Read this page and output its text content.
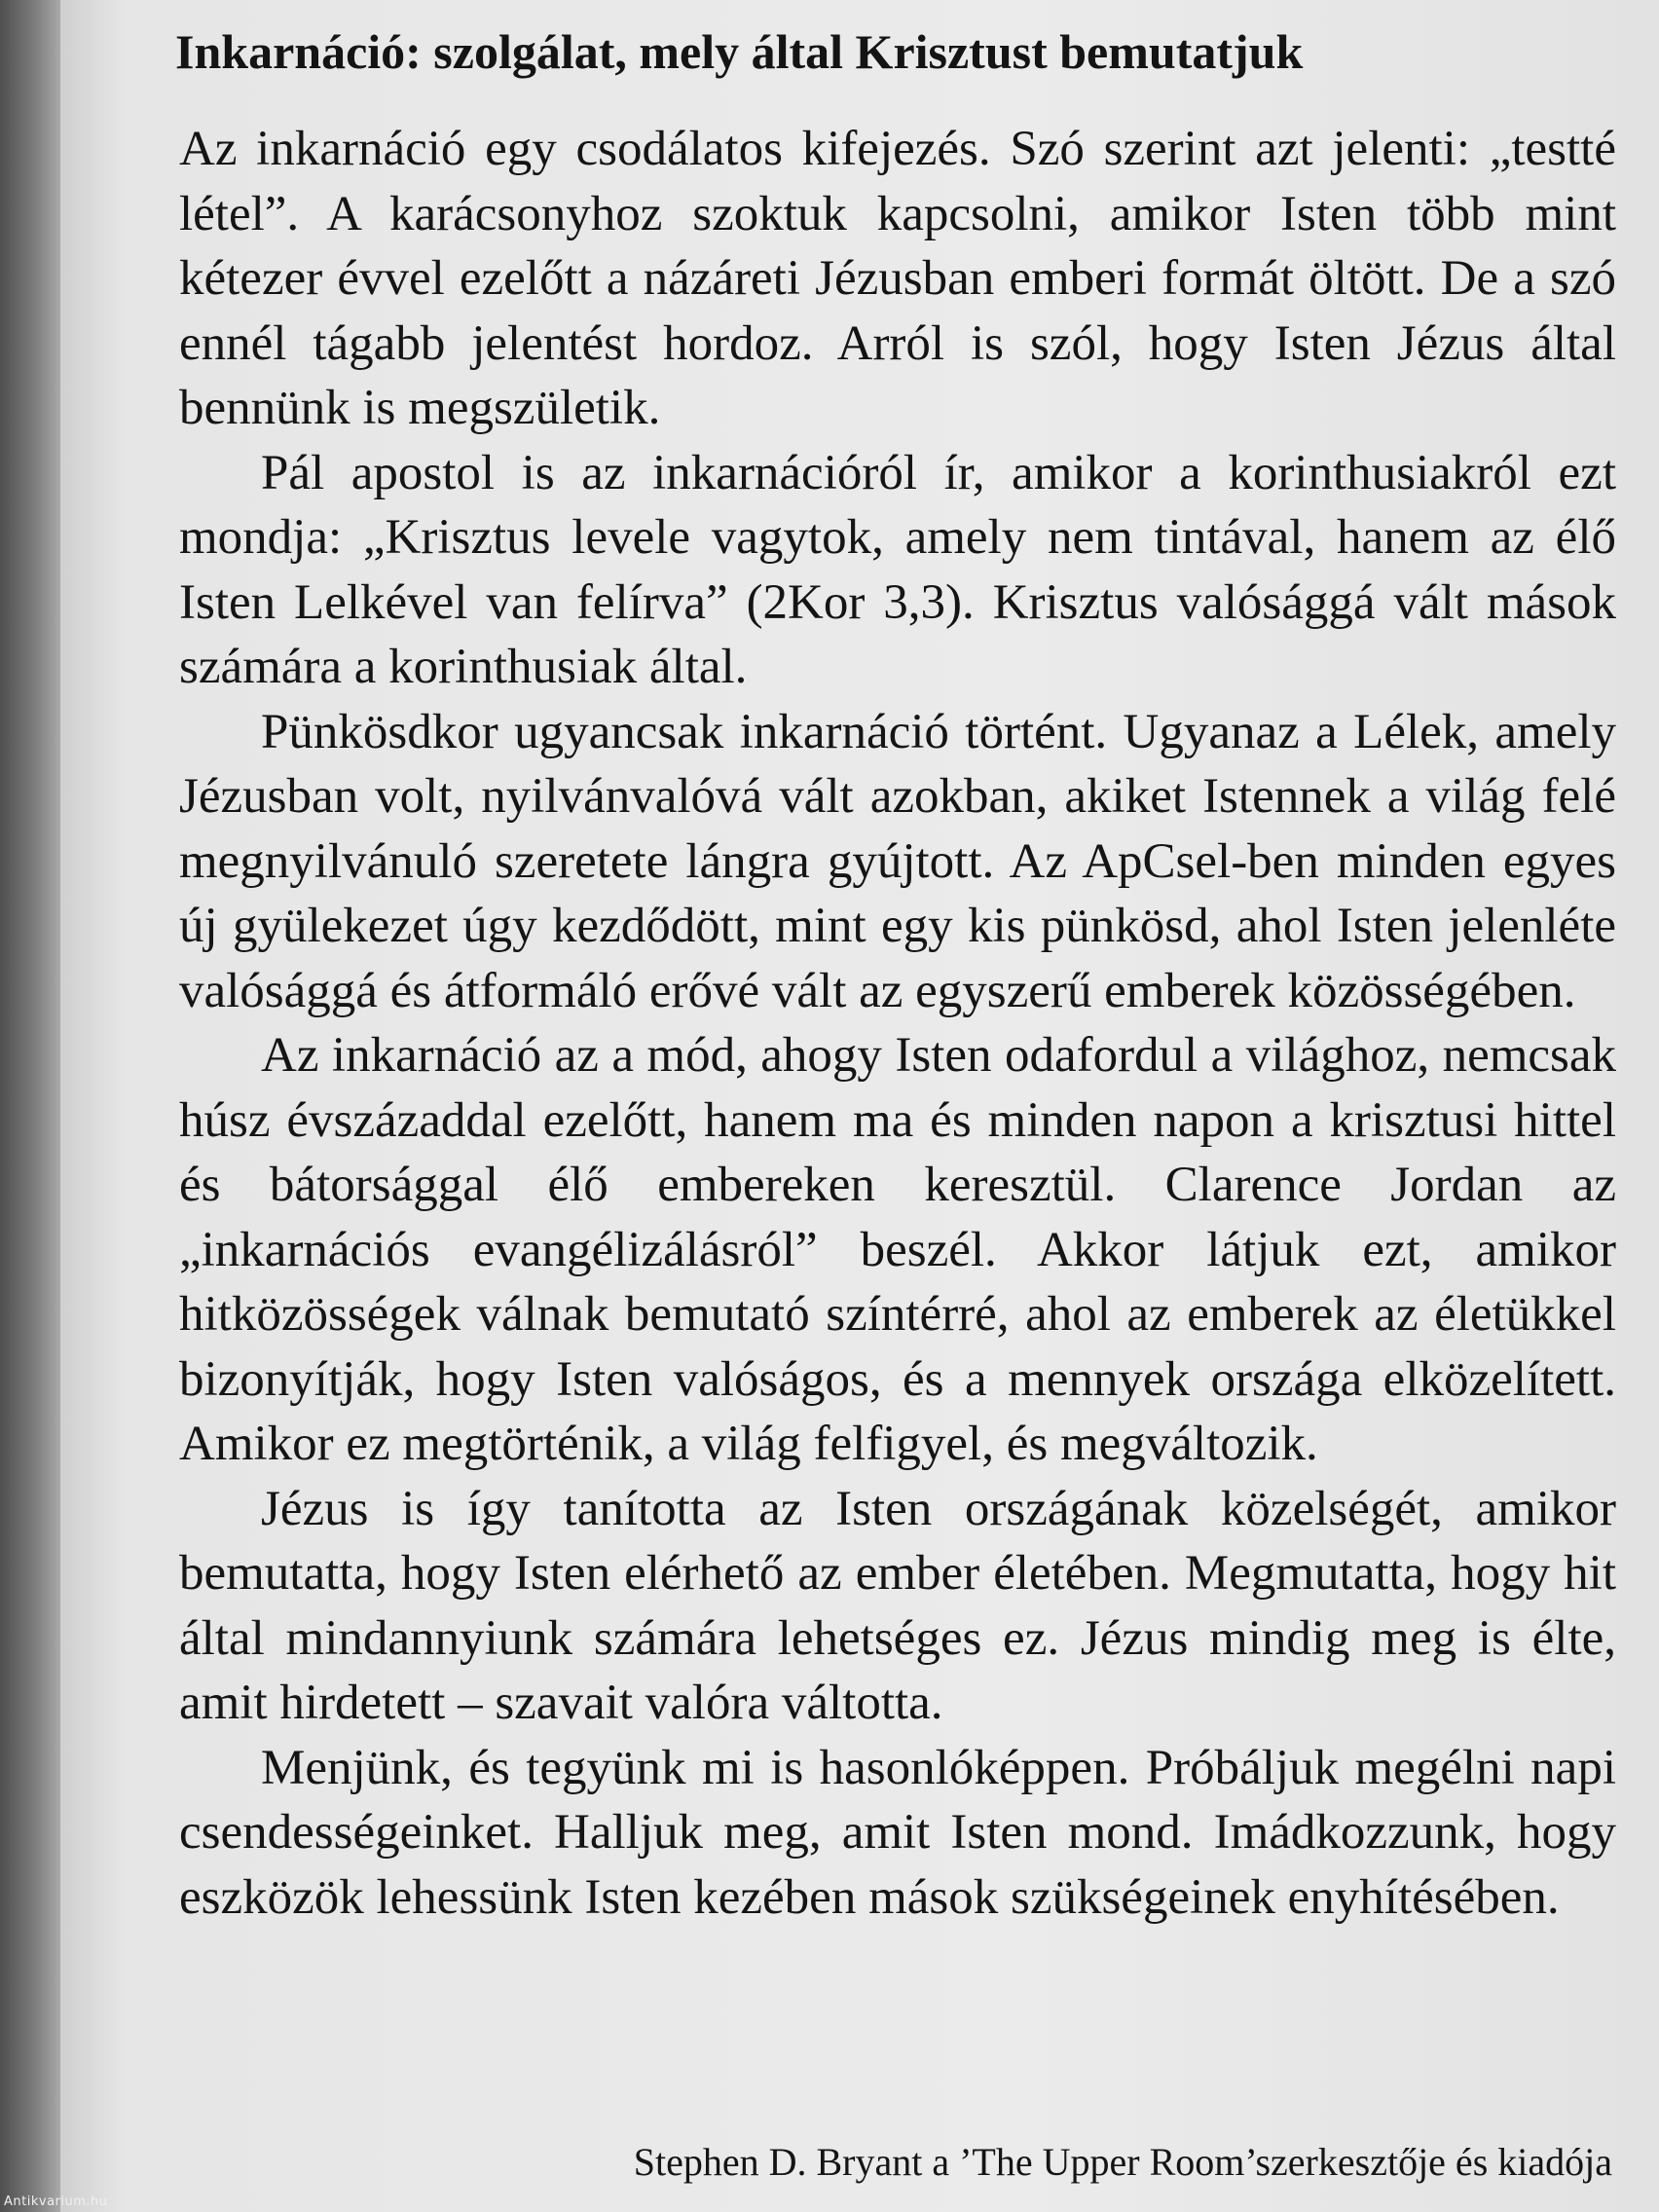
Inkarnáció: szolgálat, mely által Krisztust bemutatjuk

Az inkarnáció egy csodálatos kifejezés. Szó szerint azt jelenti: „testté létel”. A karácsonyhoz szoktuk kapcsolni, amikor Isten több mint kétezer évvel ezelőtt a názáreti Jézusban emberi formát öltött. De a szó ennél tágabb jelentést hordoz. Arról is szól, hogy Isten Jézus által bennünk is megszületik.

Pál apostol is az inkarnációról ír, amikor a korinthusiakról ezt mondja: „Krisztus levele vagytok, amely nem tintával, hanem az élő Isten Lelkével van felírva” (2Kor 3,3). Krisztus valósággá vált mások számára a korinthusiak által.

Pünkösdkor ugyancsak inkarnáció történt. Ugyanaz a Lélek, amely Jézusban volt, nyilvánvalóvá vált azokban, akiket Istennek a világ felé megnyilvánuló szeretete lángra gyújtott. Az ApCsel-ben minden egyes új gyülekezet úgy kezdődött, mint egy kis pünkösd, ahol Isten jelenléte valósággá és átformáló erővé vált az egyszerű emberek közösségében.

Az inkarnáció az a mód, ahogy Isten odafordul a világhoz, nemcsak húsz évszázaddal ezelőtt, hanem ma és minden napon a krisztusi hittel és bátorsággal élő embereken keresztül. Clarence Jordan az „inkarnációs evangélizálásról” beszél. Akkor látjuk ezt, amikor hitközösségek válnak bemutató színtérré, ahol az emberek az életükkel bizonyítják, hogy Isten valóságos, és a mennyek országa elközelített. Amikor ez megtörténik, a világ felfigyel, és megváltozik.

Jézus is így tanította az Isten országának közelségét, amikor bemutatta, hogy Isten elérhető az ember életében. Megmutatta, hogy hit által mindannyiunk számára lehetséges ez. Jézus mindig meg is élte, amit hirdetett – szavait valóra váltotta.

Menjünk, és tegyünk mi is hasonlóképpen. Próbáljuk megélni napi csendességeinket. Halljuk meg, amit Isten mond. Imádkozzunk, hogy eszközök lehessünk Isten kezében mások szükségeinek enyhítésében.

Stephen D. Bryant a ’The Upper Room’szerkesztője és kiadója
Antikvarium.hu
